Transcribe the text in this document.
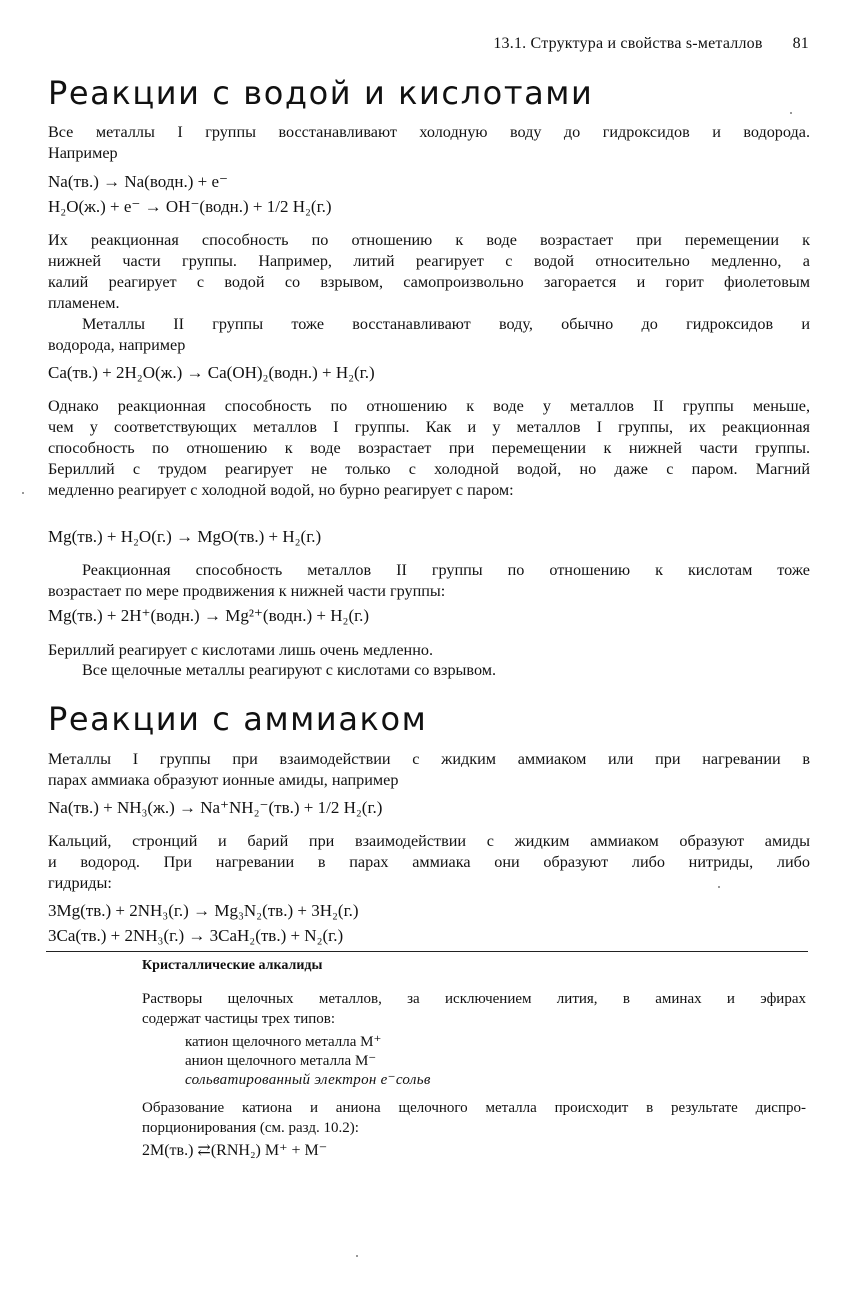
13.1. Структура и свойства s-металлов 81
Реакции с водой и кислотами
Все металлы I группы восстанавливают холодную воду до гидроксидов и водорода.
Например
Na(тв.) → Na(водн.) + e⁻
H₂O(ж.) + e⁻ → OH⁻(водн.) + 1/2 H₂(г.)
Их реакционная способность по отношению к воде возрастает при перемещении к
нижней части группы. Например, литий реагирует с водой относительно медленно, а
калий реагирует с водой со взрывом, самопроизвольно загорается и горит фиолетовым
пламенем.
Металлы II группы тоже восстанавливают воду, обычно до гидроксидов и
водорода, например
Ca(тв.) + 2H₂O(ж.) → Ca(OH)₂(водн.) + H₂(г.)
Однако реакционная способность по отношению к воде у металлов II группы меньше,
чем у соответствующих металлов I группы. Как и у металлов I группы, их реакционная
способность по отношению к воде возрастает при перемещении к нижней части группы.
Бериллий с трудом реагирует не только с холодной водой, но даже с паром. Магний
медленно реагирует с холодной водой, но бурно реагирует с паром:
Mg(тв.) + H₂O(г.) → MgO(тв.) + H₂(г.)
Реакционная способность металлов II группы по отношению к кислотам тоже
возрастает по мере продвижения к нижней части группы:
Mg(тв.) + 2H⁺(водн.) → Mg²⁺(водн.) + H₂(г.)
Бериллий реагирует с кислотами лишь очень медленно.
Все щелочные металлы реагируют с кислотами со взрывом.
Реакции с аммиаком
Металлы I группы при взаимодействии с жидким аммиаком или при нагревании в
парах аммиака образуют ионные амиды, например
Na(тв.) + NH₃(ж.) → Na⁺NH₂⁻(тв.) + 1/2 H₂(г.)
Кальций, стронций и барий при взаимодействии с жидким аммиаком образуют амиды
и водород. При нагревании в парах аммиака они образуют либо нитриды, либо
гидриды:
3Mg(тв.) + 2NH₃(г.) → Mg₃N₂(тв.) + 3H₂(г.)
3Ca(тв.) + 2NH₃(г.) → 3CaH₂(тв.) + N₂(г.)
Кристаллические алкалиды
Растворы щелочных металлов, за исключением лития, в аминах и эфирах
содержат частицы трех типов:
катион щелочного металла M⁺
анион щелочного металла M⁻
сольватированный электрон e⁻сольв
Образование катиона и аниона щелочного металла происходит в результате диспро-
порционирования (см. разд. 10.2):
2M(тв.) ⇄(RNH₂) M⁺ + M⁻
